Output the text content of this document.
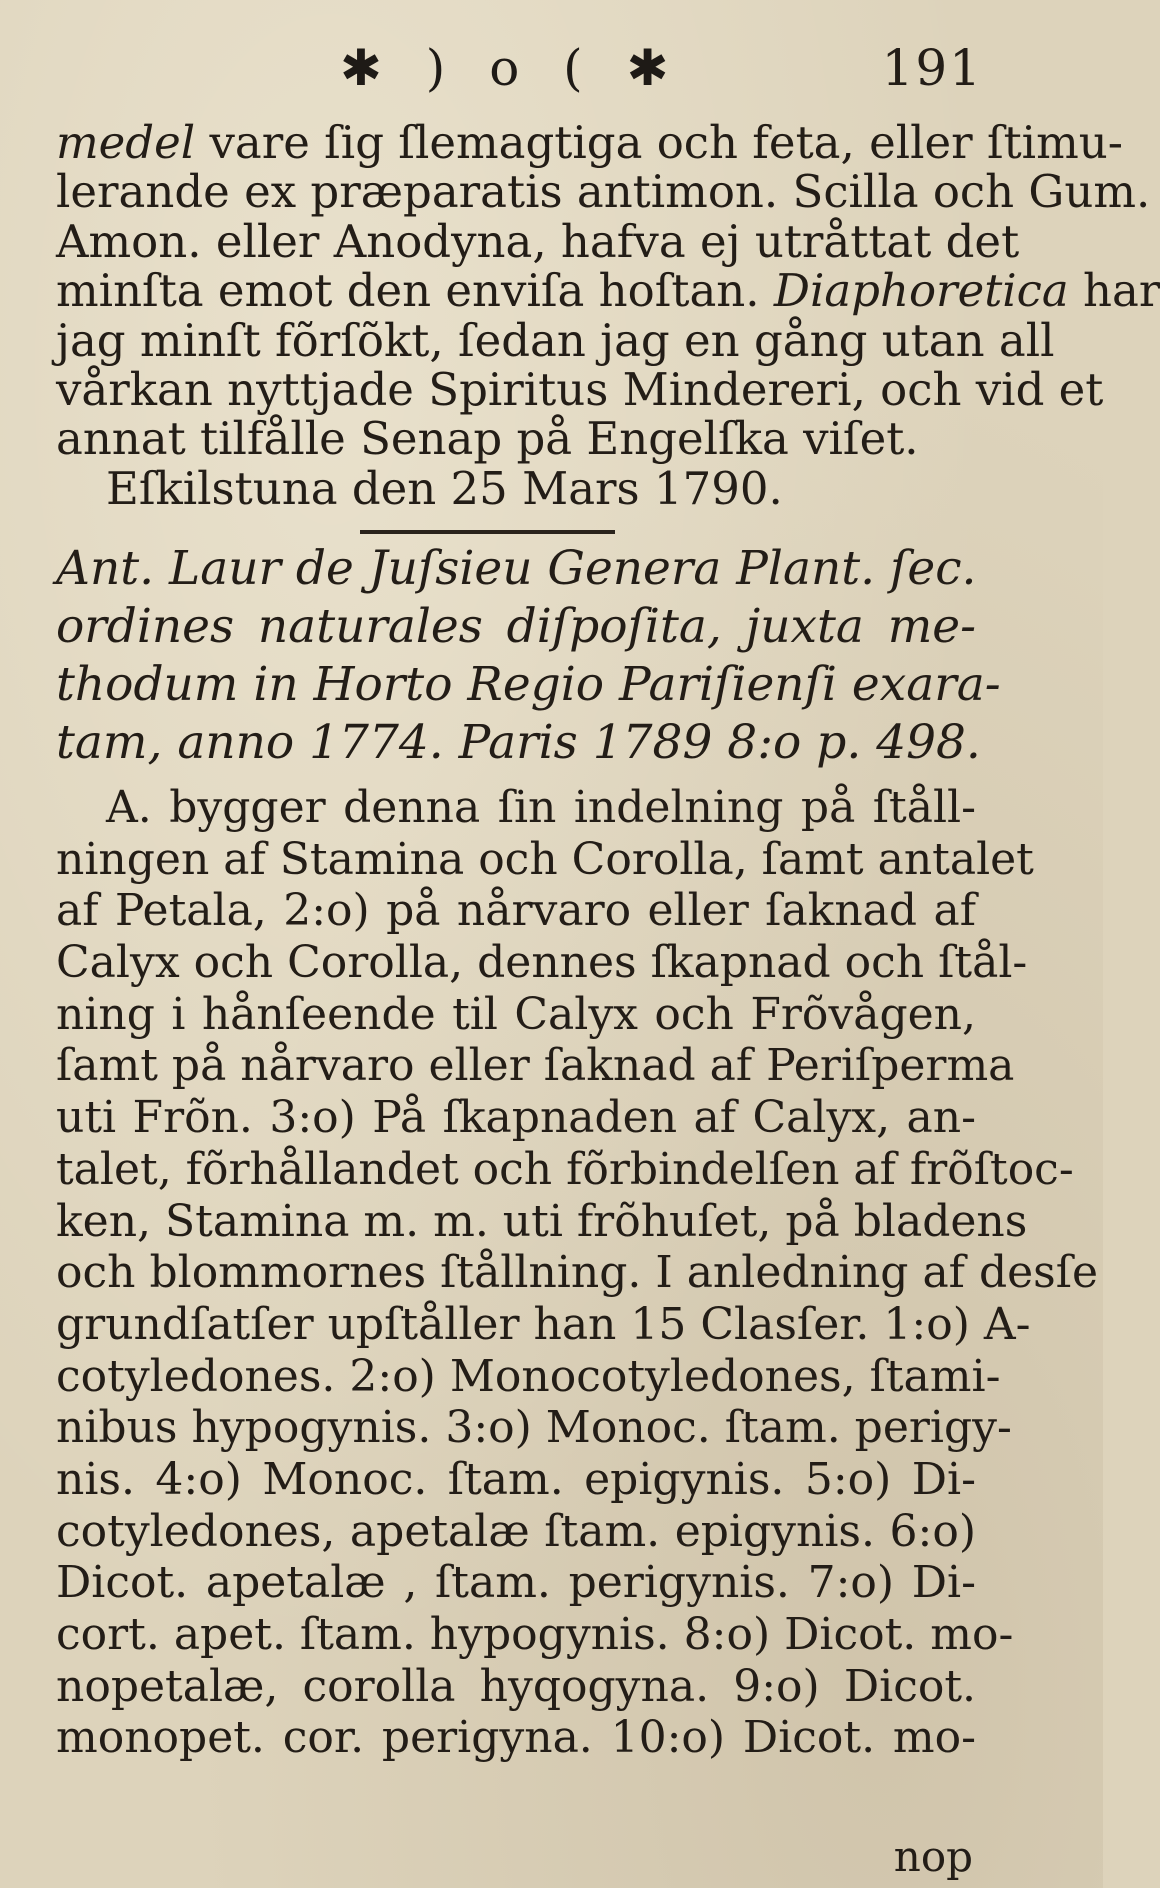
✱ ) o ( ✱	191
medel vare ſig ſlemagtiga och feta, eller ſtimu-
lerande ex præparatis antimon. Scilla och Gum.
Amon. eller Anodyna, hafva ej utråttat det
minſta emot den enviſa hoſtan. Diaphoretica har
jag minſt fõrſõkt, ſedan jag en gång utan all
vårkan nyttjade Spiritus Mindereri, och vid et
annat tilfålle Senap på Engelſka viſet.
Eſkilstuna den 25 Mars 1790.
Ant. Laur de Juſsieu Genera Plant. ſec.
ordines naturales diſpoſita, juxta me-
thodum in Horto Regio Pariſienſi exara-
tam, anno 1774. Paris 1789 8:o p. 498.
A. bygger denna ſin indelning på ſtåll-
ningen af Stamina och Corolla, ſamt antalet
af Petala, 2:o) på nårvaro eller ſaknad af
Calyx och Corolla, dennes ſkapnad och ſtål-
ning i hånſeende til Calyx och Frõvågen,
ſamt på nårvaro eller ſaknad af Periſperma
uti Frõn. 3:o) På ſkapnaden af Calyx, an-
talet, fõrhållandet och fõrbindelſen af frõſtoc-
ken, Stamina m. m. uti frõhuſet, på bladens
och blommornes ſtållning. I anledning af desſe
grundſatſer upſtåller han 15 Clasſer. 1:o) A-
cotyledones. 2:o) Monocotyledones, ſtami-
nibus hypogynis. 3:o) Monoc. ſtam. perigy-
nis. 4:o) Monoc. ſtam. epigynis. 5:o) Di-
cotyledones, apetalæ ſtam. epigynis. 6:o)
Dicot. apetalæ , ſtam. perigynis. 7:o) Di-
cort. apet. ſtam. hypogynis. 8:o) Dicot. mo-
nopetalæ, corolla hyqogyna. 9:o) Dicot.
monopet. cor. perigyna. 10:o) Dicot. mo-
nop
